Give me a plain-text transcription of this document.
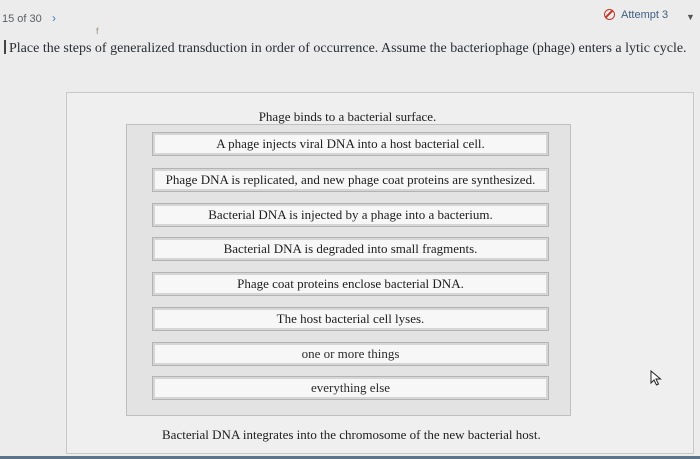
15 of 30 ›
f
Attempt 3 ▼
Place the steps of generalized transduction in order of occurrence. Assume the bacteriophage (phage) enters a lytic cycle.
Phage binds to a bacterial surface.
A phage injects viral DNA into a host bacterial cell.
Phage DNA is replicated, and new phage coat proteins are synthesized.
Bacterial DNA is injected by a phage into a bacterium.
Bacterial DNA is degraded into small fragments.
Phage coat proteins enclose bacterial DNA.
The host bacterial cell lyses.
one or more things
everything else
Bacterial DNA integrates into the chromosome of the new bacterial host.
